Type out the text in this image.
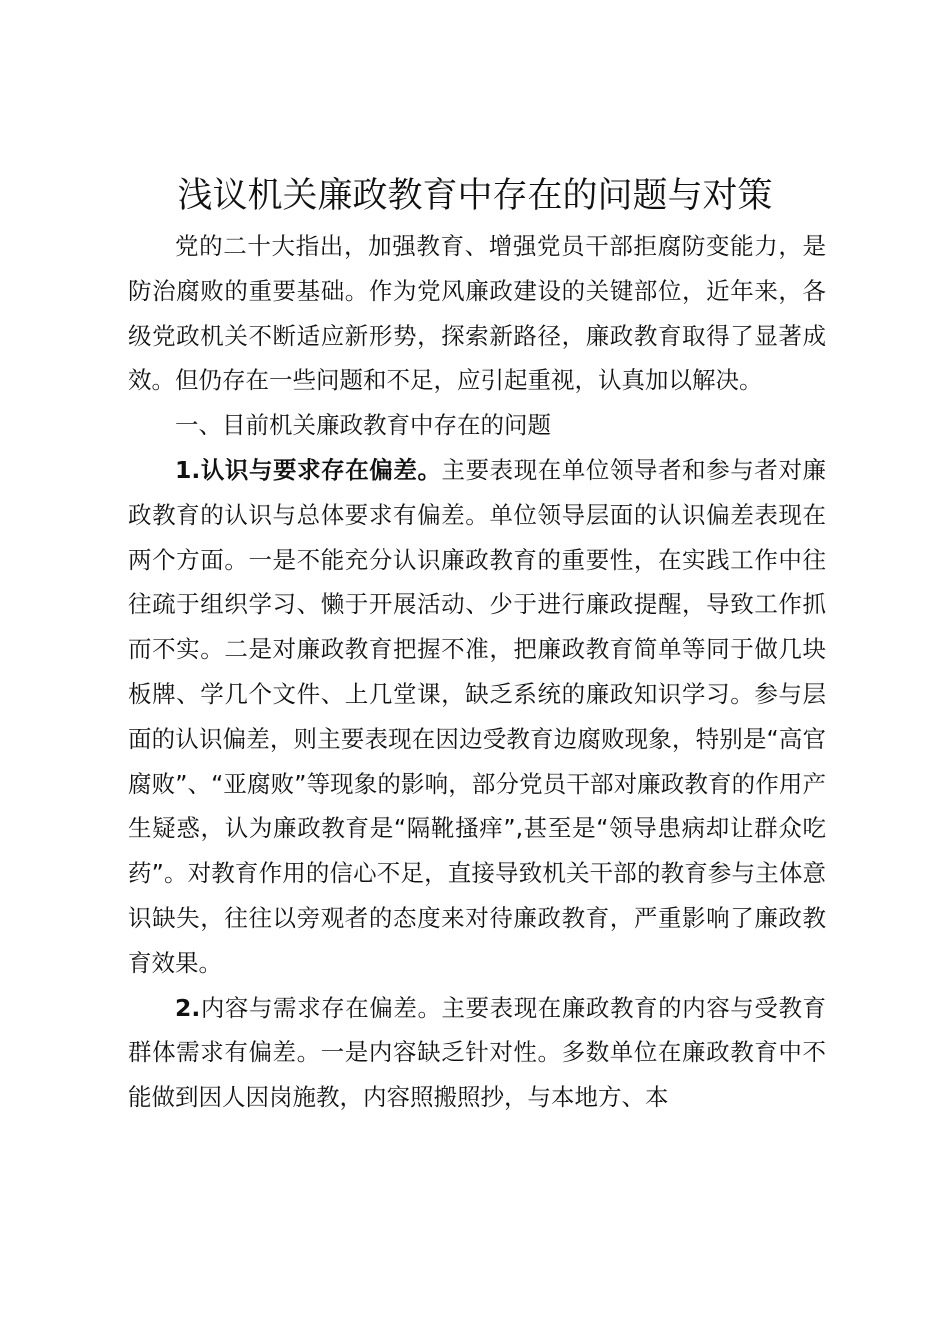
浅议机关廉政教育中存在的问题与对策

党的二十大指出，加强教育、增强党员干部拒腐防变能力，是防治腐败的重要基础。作为党风廉政建设的关键部位，近年来，各级党政机关不断适应新形势，探索新路径，廉政教育取得了显著成效。但仍存在一些问题和不足，应引起重视，认真加以解决。

一、目前机关廉政教育中存在的问题

1.认识与要求存在偏差。主要表现在单位领导者和参与者对廉政教育的认识与总体要求有偏差。单位领导层面的认识偏差表现在两个方面。一是不能充分认识廉政教育的重要性，在实践工作中往往疏于组织学习、懒于开展活动、少于进行廉政提醒，导致工作抓而不实。二是对廉政教育把握不准，把廉政教育简单等同于做几块板牌、学几个文件、上几堂课，缺乏系统的廉政知识学习。参与层面的认识偏差，则主要表现在因边受教育边腐败现象，特别是“高官腐败”、“亚腐败”等现象的影响，部分党员干部对廉政教育的作用产生疑惑，认为廉政教育是“隔靴搔痒”,甚至是“领导患病却让群众吃药”。对教育作用的信心不足，直接导致机关干部的教育参与主体意识缺失，往往以旁观者的态度来对待廉政教育，严重影响了廉政教育效果。

2.内容与需求存在偏差。主要表现在廉政教育的内容与受教育群体需求有偏差。一是内容缺乏针对性。多数单位在廉政教育中不能做到因人因岗施教，内容照搬照抄，与本地方、本
